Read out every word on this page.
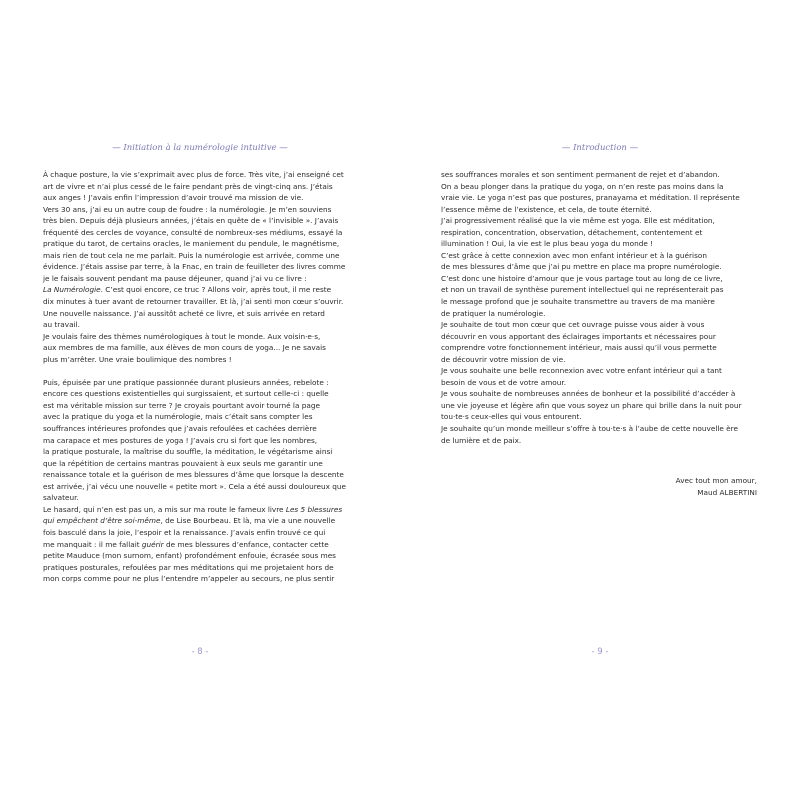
— Initiation à la numérologie intuitive —
À chaque posture, la vie s’exprimait avec plus de force. Très vite, j’ai enseigné cet
art de vivre et n’ai plus cessé de le faire pendant près de vingt-cinq ans. J’étais
aux anges ! J’avais enfin l’impression d’avoir trouvé ma mission de vie.
Vers 30 ans, j’ai eu un autre coup de foudre : la numérologie. Je m’en souviens
très bien. Depuis déjà plusieurs années, j’étais en quête de « l’invisible ». J’avais
fréquenté des cercles de voyance, consulté de nombreux-ses médiums, essayé la
pratique du tarot, de certains oracles, le maniement du pendule, le magnétisme,
mais rien de tout cela ne me parlait. Puis la numérologie est arrivée, comme une
évidence. J’étais assise par terre, à la Fnac, en train de feuilleter des livres comme
je le faisais souvent pendant ma pause déjeuner, quand j’ai vu ce livre :
La Numérologie. C’est quoi encore, ce truc ? Allons voir, après tout, il me reste
dix minutes à tuer avant de retourner travailler. Et là, j’ai senti mon cœur s’ouvrir.
Une nouvelle naissance. J’ai aussitôt acheté ce livre, et suis arrivée en retard
au travail.
Je voulais faire des thèmes numérologiques à tout le monde. Aux voisin·e·s,
aux membres de ma famille, aux élèves de mon cours de yoga... Je ne savais
plus m’arrêter. Une vraie boulimique des nombres !
Puis, épuisée par une pratique passionnée durant plusieurs années, rebelote :
encore ces questions existentielles qui surgissaient, et surtout celle-ci : quelle
est ma véritable mission sur terre ? Je croyais pourtant avoir tourné la page
avec la pratique du yoga et la numérologie, mais c’était sans compter les
souffrances intérieures profondes que j’avais refoulées et cachées derrière
ma carapace et mes postures de yoga ! J’avais cru si fort que les nombres,
la pratique posturale, la maîtrise du souffle, la méditation, le végétarisme ainsi
que la répétition de certains mantras pouvaient à eux seuls me garantir une
renaissance totale et la guérison de mes blessures d’âme que lorsque la descente
est arrivée, j’ai vécu une nouvelle « petite mort ». Cela a été aussi douloureux que
salvateur.
Le hasard, qui n’en est pas un, a mis sur ma route le fameux livre Les 5 blessures
qui empêchent d’être soi-même, de Lise Bourbeau. Et là, ma vie a une nouvelle
fois basculé dans la joie, l’espoir et la renaissance. J’avais enfin trouvé ce qui
me manquait : il me fallait guérir de mes blessures d’enfance, contacter cette
petite Mauduce (mon surnom, enfant) profondément enfouie, écrasée sous mes
pratiques posturales, refoulées par mes méditations qui me projetaient hors de
mon corps comme pour ne plus l’entendre m’appeler au secours, ne plus sentir
- 8 -
— Introduction —
ses souffrances morales et son sentiment permanent de rejet et d’abandon.
On a beau plonger dans la pratique du yoga, on n’en reste pas moins dans la
vraie vie. Le yoga n’est pas que postures, pranayama et méditation. Il représente
l’essence même de l’existence, et cela, de toute éternité.
J’ai progressivement réalisé que la vie même est yoga. Elle est méditation,
respiration, concentration, observation, détachement, contentement et
illumination ! Oui, la vie est le plus beau yoga du monde !
C’est grâce à cette connexion avec mon enfant intérieur et à la guérison
de mes blessures d’âme que j’ai pu mettre en place ma propre numérologie.
C’est donc une histoire d’amour que je vous partage tout au long de ce livre,
et non un travail de synthèse purement intellectuel qui ne représenterait pas
le message profond que je souhaite transmettre au travers de ma manière
de pratiquer la numérologie.
Je souhaite de tout mon cœur que cet ouvrage puisse vous aider à vous
découvrir en vous apportant des éclairages importants et nécessaires pour
comprendre votre fonctionnement intérieur, mais aussi qu’il vous permette
de découvrir votre mission de vie.
Je vous souhaite une belle reconnexion avec votre enfant intérieur qui a tant
besoin de vous et de votre amour.
Je vous souhaite de nombreuses années de bonheur et la possibilité d’accéder à
une vie joyeuse et légère afin que vous soyez un phare qui brille dans la nuit pour
tou·te·s ceux-elles qui vous entourent.
Je souhaite qu’un monde meilleur s’offre à tou·te·s à l’aube de cette nouvelle ère
de lumière et de paix.
Avec tout mon amour,
Maud ALBERTINI
- 9 -
